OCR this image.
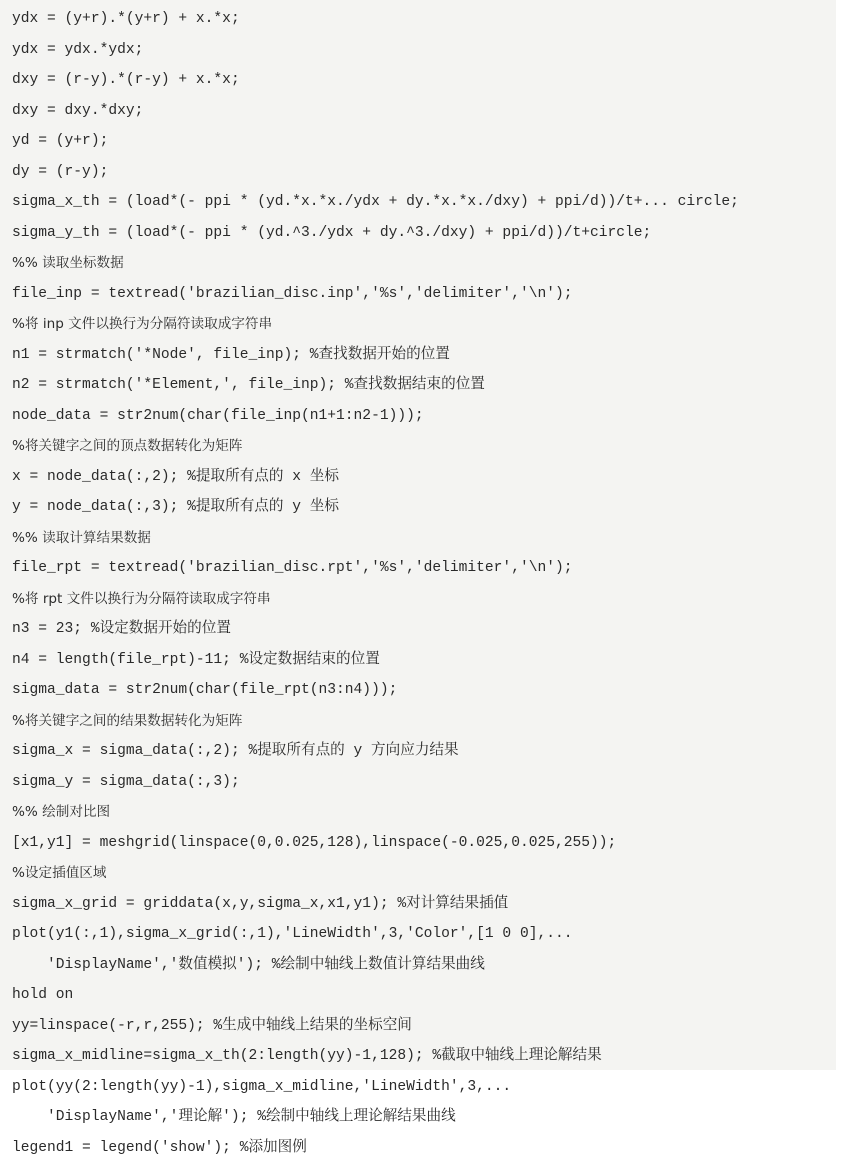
ydx = (y+r).*(y+r) + x.*x;
ydx = ydx.*ydx;
dxy = (r-y).*(r-y) + x.*x;
dxy = dxy.*dxy;
yd = (y+r);
dy = (r-y);
sigma_x_th = (load*(- ppi * (yd.*x.*x./ydx + dy.*x.*x./dxy) + ppi/d))/t+... circle;
sigma_y_th = (load*(- ppi * (yd.^3./ydx + dy.^3./dxy) + ppi/d))/t+circle;
%% 读取坐标数据
file_inp = textread('brazilian_disc.inp','%s','delimiter','\n');
%将 inp 文件以换行为分隔符读取成字符串
n1 = strmatch('*Node', file_inp); %查找数据开始的位置
n2 = strmatch('*Element,', file_inp); %查找数据结束的位置
node_data = str2num(char(file_inp(n1+1:n2-1)));
%将关键字之间的顶点数据转化为矩阵
x = node_data(:,2); %提取所有点的 x 坐标
y = node_data(:,3); %提取所有点的 y 坐标
%% 读取计算结果数据
file_rpt = textread('brazilian_disc.rpt','%s','delimiter','\n');
%将 rpt 文件以换行为分隔符读取成字符串
n3 = 23; %设定数据开始的位置
n4 = length(file_rpt)-11; %设定数据结束的位置
sigma_data = str2num(char(file_rpt(n3:n4)));
%将关键字之间的结果数据转化为矩阵
sigma_x = sigma_data(:,2); %提取所有点的 y 方向应力结果
sigma_y = sigma_data(:,3);
%% 绘制对比图
[x1,y1] = meshgrid(linspace(0,0.025,128),linspace(-0.025,0.025,255));
%设定插值区域
sigma_x_grid = griddata(x,y,sigma_x,x1,y1); %对计算结果插值
plot(y1(:,1),sigma_x_grid(:,1),'LineWidth',3,'Color',[1 0 0],...
'DisplayName','数值模拟'); %绘制中轴线上数值计算结果曲线
hold on
yy=linspace(-r,r,255); %生成中轴线上结果的坐标空间
sigma_x_midline=sigma_x_th(2:length(yy)-1,128); %截取中轴线上理论解结果
plot(yy(2:length(yy)-1),sigma_x_midline,'LineWidth',3,...
'DisplayName','理论解'); %绘制中轴线上理论解结果曲线
legend1 = legend('show'); %添加图例
